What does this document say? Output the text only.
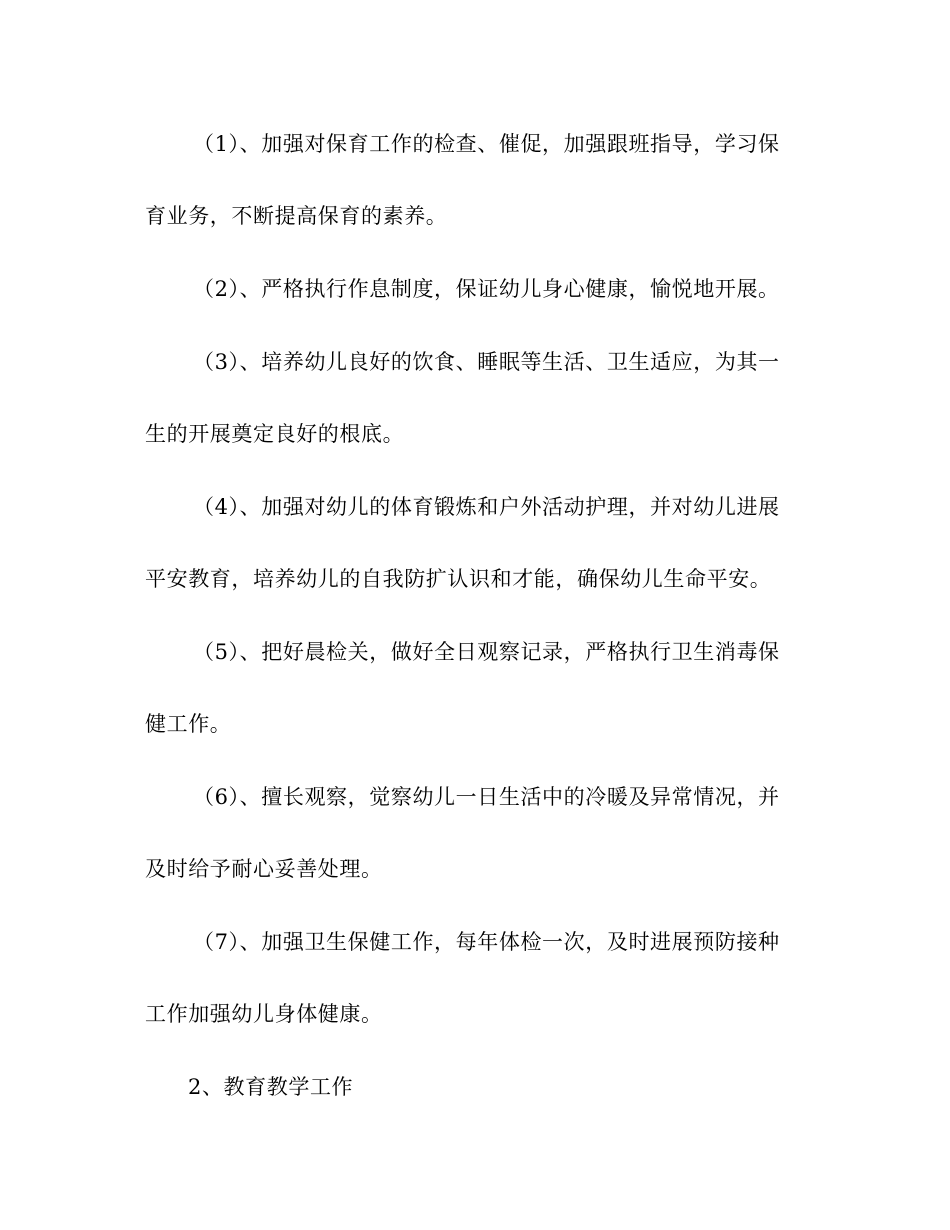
（1）、加强对保育工作的检查、催促，加强跟班指导，学习保
育业务，不断提高保育的素养。
（2）、严格执行作息制度，保证幼儿身心健康，愉悦地开展。
（3）、培养幼儿良好的饮食、睡眠等生活、卫生适应，为其一
生的开展奠定良好的根底。
（4）、加强对幼儿的体育锻炼和户外活动护理，并对幼儿进展
平安教育，培养幼儿的自我防扩认识和才能，确保幼儿生命平安。
（5）、把好晨检关，做好全日观察记录，严格执行卫生消毒保
健工作。
（6）、擅长观察，觉察幼儿一日生活中的冷暖及异常情况，并
及时给予耐心妥善处理。
（7）、加强卫生保健工作，每年体检一次，及时进展预防接种
工作加强幼儿身体健康。
2、教育教学工作
